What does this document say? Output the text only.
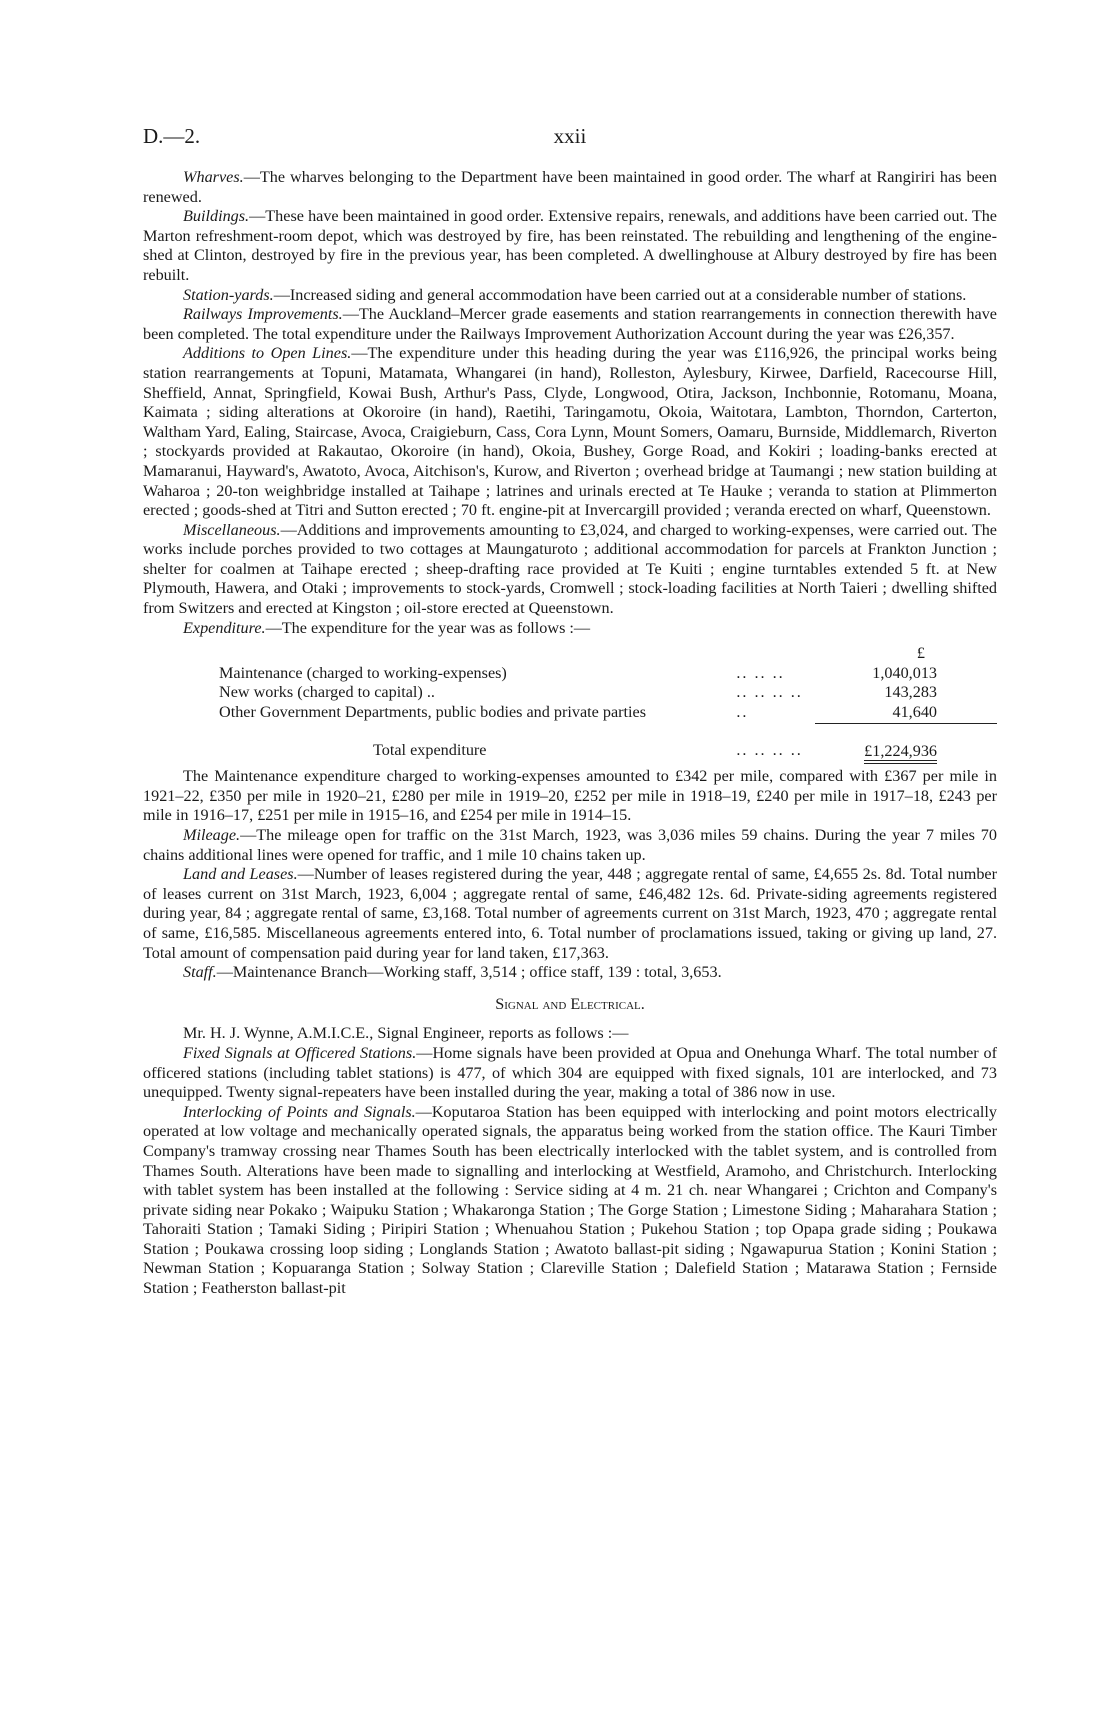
D.—2.	xxii

Wharves.—The wharves belonging to the Department have been maintained in good order. The wharf at Rangiriri has been renewed.

Buildings.—These have been maintained in good order. Extensive repairs, renewals, and additions have been carried out. The Marton refreshment-room depot, which was destroyed by fire, has been reinstated. The rebuilding and lengthening of the engine-shed at Clinton, destroyed by fire in the previous year, has been completed. A dwellinghouse at Albury destroyed by fire has been rebuilt.

Station-yards.—Increased siding and general accommodation have been carried out at a considerable number of stations.

Railways Improvements.—The Auckland–Mercer grade easements and station rearrangements in connection therewith have been completed. The total expenditure under the Railways Improvement Authorization Account during the year was £26,357.

Additions to Open Lines.—The expenditure under this heading during the year was £116,926, the principal works being station rearrangements at Topuni, Matamata, Whangarei (in hand), Rolleston, Aylesbury, Kirwee, Darfield, Racecourse Hill, Sheffield, Annat, Springfield, Kowai Bush, Arthur's Pass, Clyde, Longwood, Otira, Jackson, Inchbonnie, Rotomanu, Moana, Kaimata ; siding alterations at Okoroire (in hand), Raetihi, Taringamotu, Okoia, Waitotara, Lambton, Thorndon, Carterton, Waltham Yard, Ealing, Staircase, Avoca, Craigieburn, Cass, Cora Lynn, Mount Somers, Oamaru, Burnside, Middlemarch, Riverton ; stockyards provided at Rakautao, Okoroire (in hand), Okoia, Bushey, Gorge Road, and Kokiri ; loading-banks erected at Mamaranui, Hayward's, Awatoto, Avoca, Aitchison's, Kurow, and Riverton ; overhead bridge at Taumangi ; new station building at Waharoa ; 20-ton weighbridge installed at Taihape ; latrines and urinals erected at Te Hauke ; veranda to station at Plimmerton erected ; goods-shed at Titri and Sutton erected ; 70 ft. engine-pit at Invercargill provided ; veranda erected on wharf, Queenstown.

Miscellaneous.—Additions and improvements amounting to £3,024, and charged to working-expenses, were carried out. The works include porches provided to two cottages at Maungaturoto ; additional accommodation for parcels at Frankton Junction ; shelter for coalmen at Taihape erected ; sheep-drafting race provided at Te Kuiti ; engine turntables extended 5 ft. at New Plymouth, Hawera, and Otaki ; improvements to stock-yards, Cromwell ; stock-loading facilities at North Taieri ; dwelling shifted from Switzers and erected at Kingston ; oil-store erected at Queenstown.

Expenditure.—The expenditure for the year was as follows :—

		£
Maintenance (charged to working-expenses)	.. .. ..	1,040,013
New works (charged to capital) ..	.. .. .. ..	143,283
Other Government Departments, public bodies and private parties	..	41,640
Total expenditure	.. .. .. ..	£1,224,936

The Maintenance expenditure charged to working-expenses amounted to £342 per mile, compared with £367 per mile in 1921–22, £350 per mile in 1920–21, £280 per mile in 1919–20, £252 per mile in 1918–19, £240 per mile in 1917–18, £243 per mile in 1916–17, £251 per mile in 1915–16, and £254 per mile in 1914–15.

Mileage.—The mileage open for traffic on the 31st March, 1923, was 3,036 miles 59 chains. During the year 7 miles 70 chains additional lines were opened for traffic, and 1 mile 10 chains taken up.

Land and Leases.—Number of leases registered during the year, 448 ; aggregate rental of same, £4,655 2s. 8d. Total number of leases current on 31st March, 1923, 6,004 ; aggregate rental of same, £46,482 12s. 6d. Private-siding agreements registered during year, 84 ; aggregate rental of same, £3,168. Total number of agreements current on 31st March, 1923, 470 ; aggregate rental of same, £16,585. Miscellaneous agreements entered into, 6. Total number of proclamations issued, taking or giving up land, 27. Total amount of compensation paid during year for land taken, £17,363.

Staff.—Maintenance Branch—Working staff, 3,514 ; office staff, 139 : total, 3,653.

Signal and Electrical.

Mr. H. J. Wynne, A.M.I.C.E., Signal Engineer, reports as follows :—

Fixed Signals at Officered Stations.—Home signals have been provided at Opua and Onehunga Wharf. The total number of officered stations (including tablet stations) is 477, of which 304 are equipped with fixed signals, 101 are interlocked, and 73 unequipped. Twenty signal-repeaters have been installed during the year, making a total of 386 now in use.

Interlocking of Points and Signals.—Koputaroa Station has been equipped with interlocking and point motors electrically operated at low voltage and mechanically operated signals, the apparatus being worked from the station office. The Kauri Timber Company's tramway crossing near Thames South has been electrically interlocked with the tablet system, and is controlled from Thames South. Alterations have been made to signalling and interlocking at Westfield, Aramoho, and Christchurch. Interlocking with tablet system has been installed at the following : Service siding at 4 m. 21 ch. near Whangarei ; Crichton and Company's private siding near Pokako ; Waipuku Station ; Whakaronga Station ; The Gorge Station ; Limestone Siding ; Maharahara Station ; Tahoraiti Station ; Tamaki Siding ; Piripiri Station ; Whenuahou Station ; Pukehou Station ; top Opapa grade siding ; Poukawa Station ; Poukawa crossing loop siding ; Longlands Station ; Awatoto ballast-pit siding ; Ngawapurua Station ; Konini Station ; Newman Station ; Kopuaranga Station ; Solway Station ; Clareville Station ; Dalefield Station ; Matarawa Station ; Fernside Station ; Featherston ballast-pit
